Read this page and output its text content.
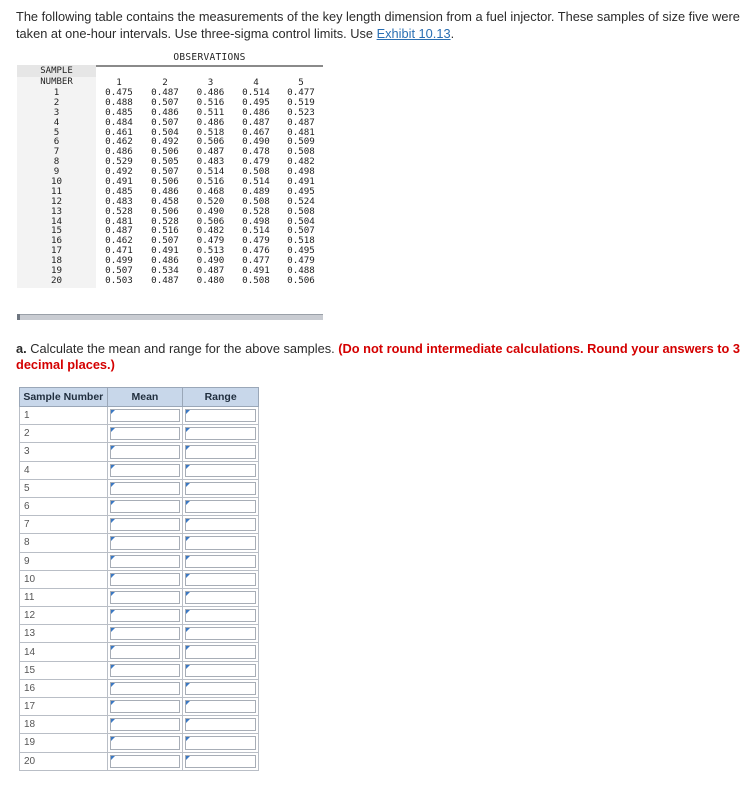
The following table contains the measurements of the key length dimension from a fuel injector. These samples of size five were taken at one-hour intervals. Use three-sigma control limits. Use Exhibit 10.13.
OBSERVATIONS
SAMPLE
NUMBER	1	2	3	4	5
1	0.475	0.487	0.486	0.514	0.477
2	0.488	0.507	0.516	0.495	0.519
3	0.485	0.486	0.511	0.486	0.523
4	0.484	0.507	0.486	0.487	0.487
5	0.461	0.504	0.518	0.467	0.481
6	0.462	0.492	0.506	0.490	0.509
7	0.486	0.506	0.487	0.478	0.508
8	0.529	0.505	0.483	0.479	0.482
9	0.492	0.507	0.514	0.508	0.498
10	0.491	0.506	0.516	0.514	0.491
11	0.485	0.486	0.468	0.489	0.495
12	0.483	0.458	0.520	0.508	0.524
13	0.528	0.506	0.490	0.528	0.508
14	0.481	0.528	0.506	0.498	0.504
15	0.487	0.516	0.482	0.514	0.507
16	0.462	0.507	0.479	0.479	0.518
17	0.471	0.491	0.513	0.476	0.495
18	0.499	0.486	0.490	0.477	0.479
19	0.507	0.534	0.487	0.491	0.488
20	0.503	0.487	0.480	0.508	0.506
a. Calculate the mean and range for the above samples. (Do not round intermediate calculations. Round your answers to 3 decimal places.)
Sample Number	Mean	Range
1	

2	

3	

4	

5	

6	

7	

8	

9	

10	

11	

12	

13	

14	

15	

16	

17	

18	

19	

20	
